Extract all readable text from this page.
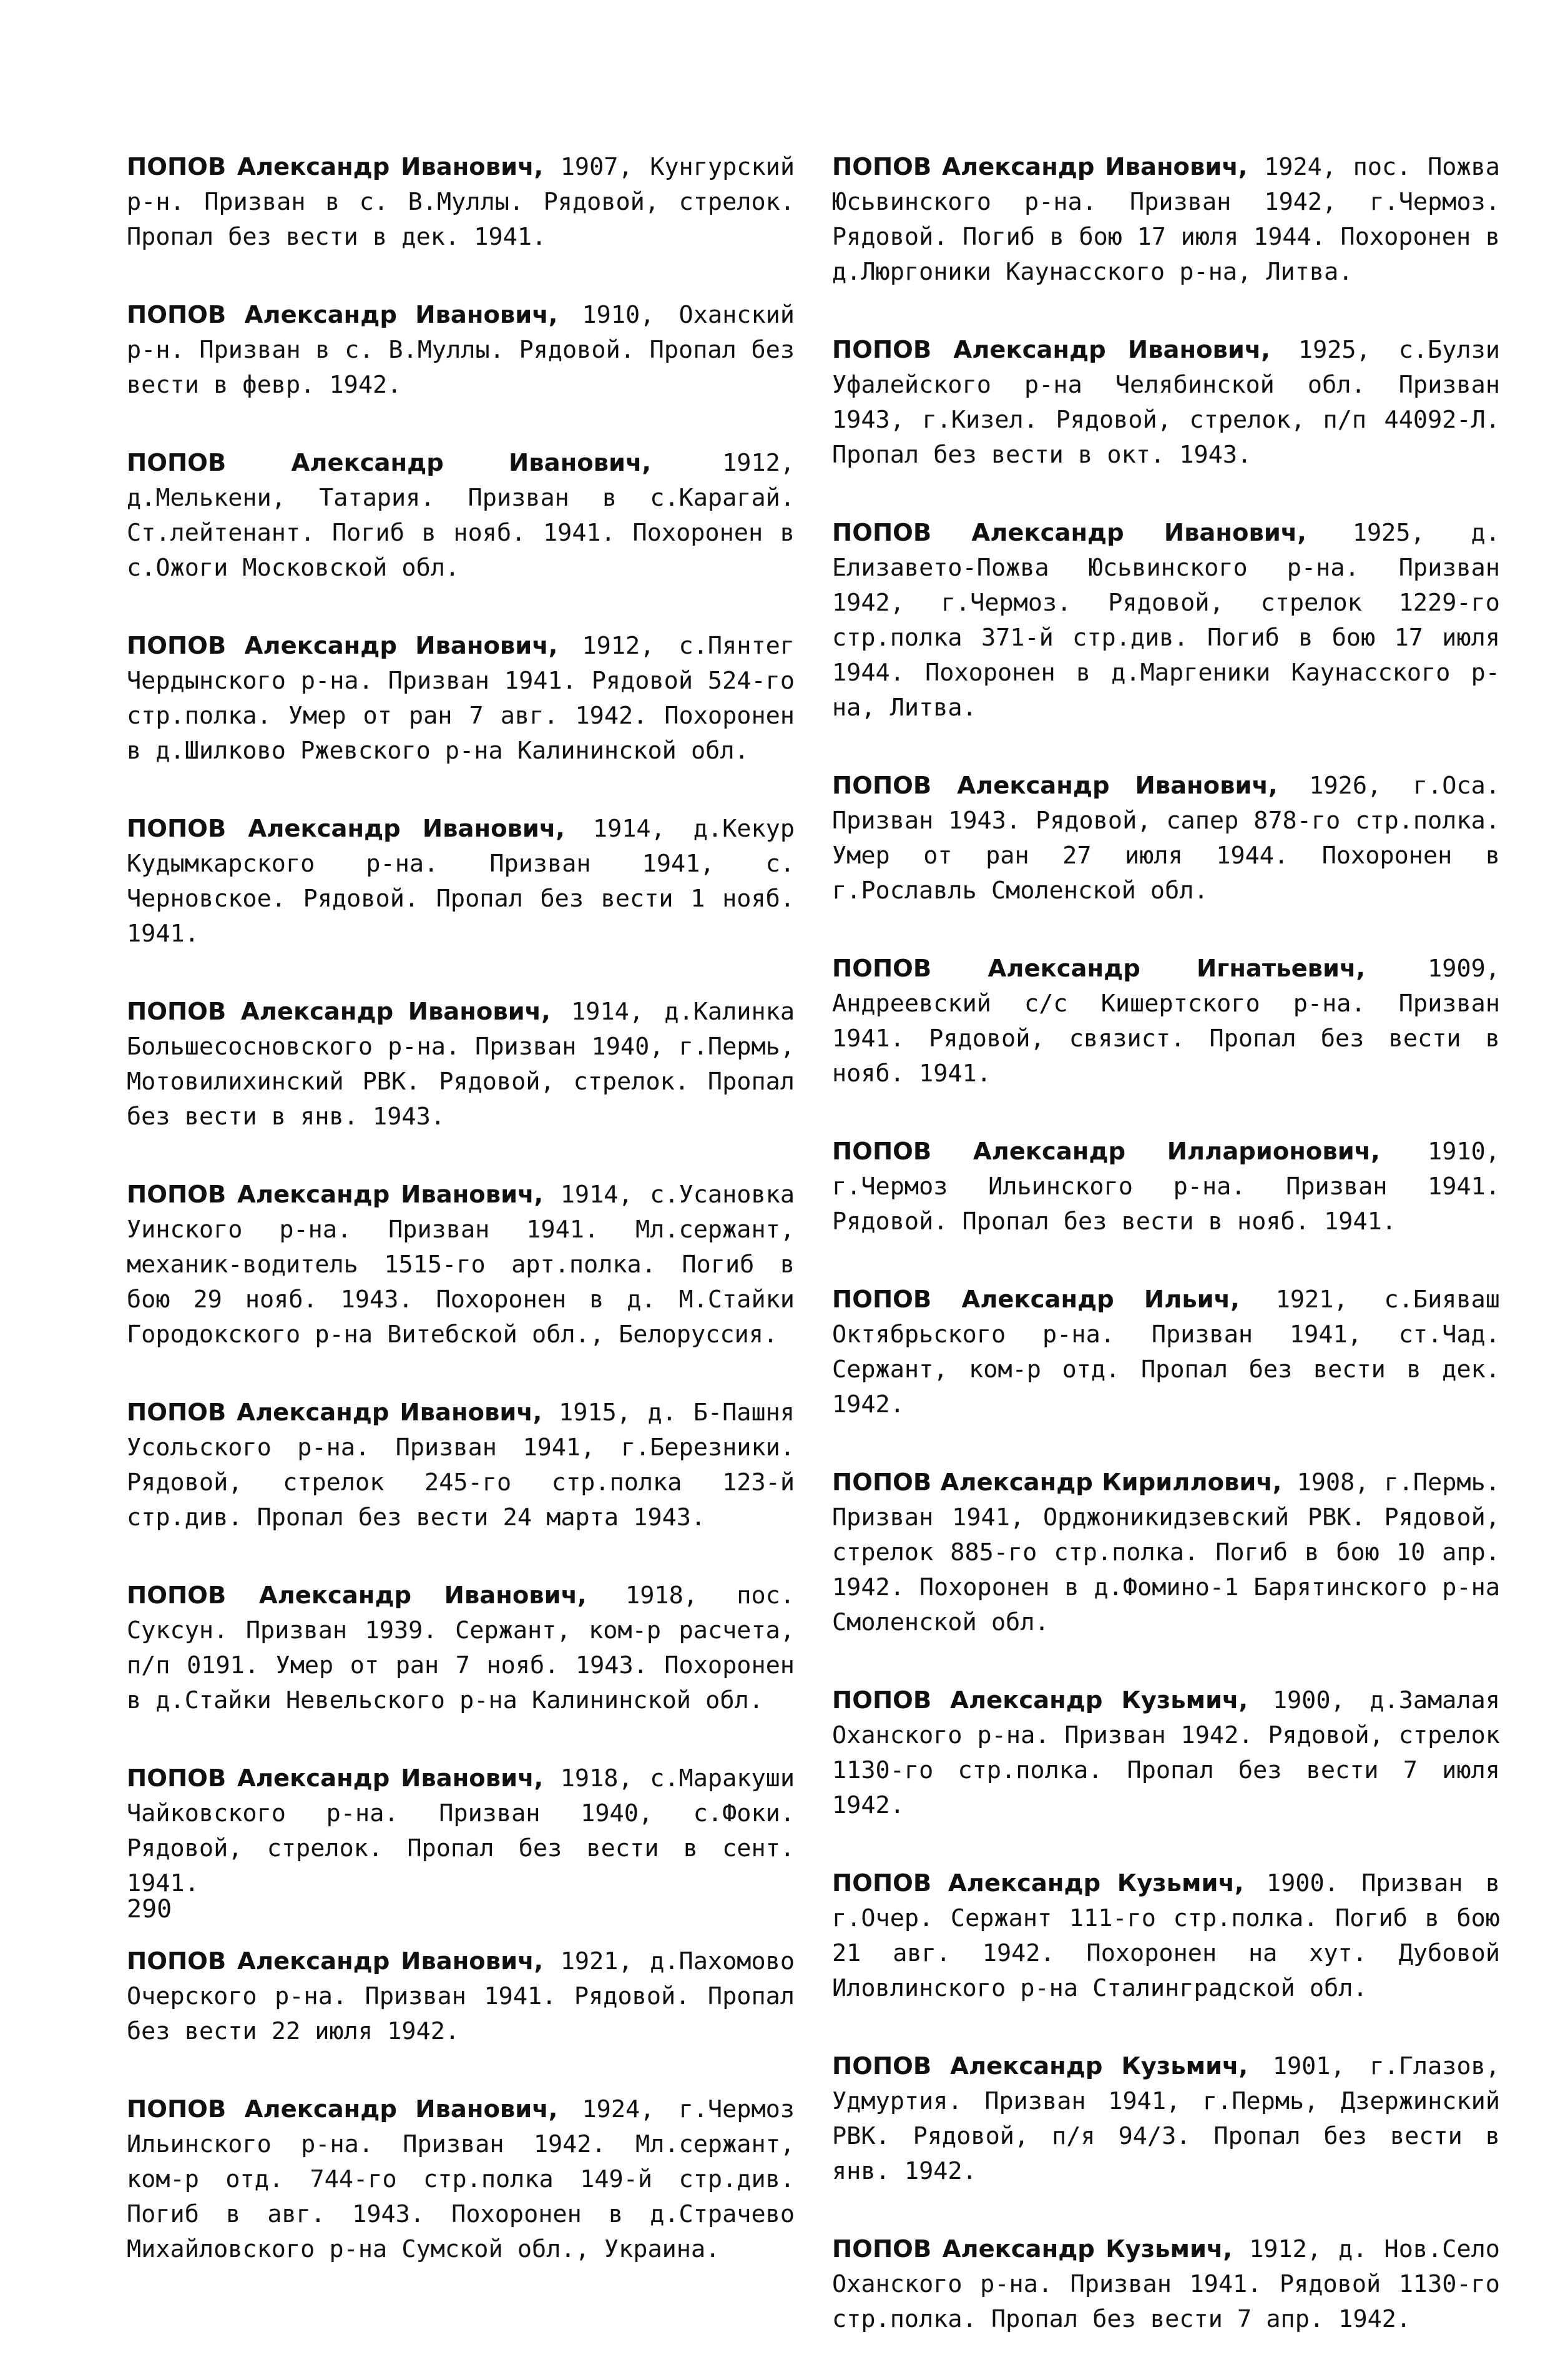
ПОПОВ Александр Иванович, 1907, Кунгурский р-н. Призван в с. В.Муллы. Рядовой, стрелок. Пропал без вести в дек. 1941.

ПОПОВ Александр Иванович, 1910, Оханский р-н. Призван в с. В.Муллы. Рядовой. Пропал без вести в февр. 1942.

ПОПОВ Александр Иванович,	1912, д.Мелькени, Татария. Призван в с.Карагай. Ст.лейтенант. Погиб в нояб. 1941. Похоронен в с.Ожоги Московской обл.

ПОПОВ Александр Иванович, 1912, с.Пянтег Чердынского р-на. Призван 1941. Рядовой 524-го стр.полка. Умер от ран 7 авг. 1942. Похоронен в д.Шилково Ржевского р-на Калининской обл.

ПОПОВ Александр Иванович, 1914, д.Кекур Кудымкарского р-на. Призван 1941, с. Черновское. Рядовой. Пропал без вести 1 нояб. 1941.

ПОПОВ Александр Иванович, 1914, д.Калинка Большесосновского р-на. Призван 1940, г.Пермь, Мотовилихинский РВК. Рядовой, стрелок. Пропал без вести в янв. 1943.

ПОПОВ Александр Иванович, 1914, с.Усановка Уинского р-на. Призван 1941. Мл.сержант, механик-водитель 1515-го арт.полка. Погиб в бою 29 нояб. 1943. Похоронен в д. М.Стайки Городокского р-на Витебской обл., Белоруссия.

ПОПОВ Александр Иванович, 1915, д. Б-Пашня Усольского р-на. Призван 1941, г.Березники. Рядовой, стрелок 245-го стр.полка 123-й стр.див. Пропал без вести 24 марта 1943.

ПОПОВ Александр Иванович, 1918, пос. Суксун. Призван 1939. Сержант, ком-р расчета, п/п 0191. Умер от ран 7 нояб. 1943. Похоронен в д.Стайки Невельского р-на Калининской обл.

ПОПОВ Александр Иванович, 1918, с.Маракуши Чайковского р-на. Призван 1940, с.Фоки. Рядовой, стрелок. Пропал без вести в сент. 1941.

ПОПОВ Александр Иванович, 1921, д.Пахомово Очерского р-на. Призван 1941. Рядовой. Пропал без вести 22 июля 1942.

ПОПОВ Александр Иванович, 1924, г.Чермоз Ильинского р-на. Призван 1942. Мл.сержант, ком-р отд. 744-го стр.полка 149-й стр.див. Погиб в авг. 1943. Похоронен в д.Страчево Михайловского р-на Сумской обл., Украина.

ПОПОВ Александр Иванович, 1924, пос. Пожва Юсьвинского р-на. Призван 1942, г.Чермоз. Рядовой. Погиб в бою 17 июля 1944. Похоронен в д.Люргоники Каунасского р-на, Литва.

ПОПОВ Александр Иванович, 1925, с.Булзи Уфалейского р-на Челябинской обл. Призван 1943, г.Кизел. Рядовой, стрелок, п/п 44092-Л. Пропал без вести в окт. 1943.

ПОПОВ Александр Иванович, 1925, д. Елизавето-Пожва Юсьвинского р-на. Призван 1942, г.Чермоз. Рядовой, стрелок 1229-го стр.полка 371-й стр.див. Погиб в бою 17 июля 1944. Похоронен в д.Маргеники Каунасского р-на, Литва.

ПОПОВ Александр Иванович, 1926, г.Оса. Призван 1943. Рядовой, сапер 878-го стр.полка. Умер от ран 27 июля 1944. Похоронен в г.Рославль Смоленской обл.

ПОПОВ Александр Игнатьевич,	1909, Андреевский с/с Кишертского р-на. Призван 1941. Рядовой, связист. Пропал без вести в нояб. 1941.

ПОПОВ Александр Илларионович, 1910, г.Чермоз Ильинского р-на. Призван 1941. Рядовой. Пропал без вести в нояб. 1941.

ПОПОВ Александр Ильич, 1921, с.Бияваш Октябрьского р-на. Призван 1941, ст.Чад. Сержант, ком-р отд. Пропал без вести в дек. 1942.

ПОПОВ Александр Кириллович, 1908, г.Пермь. Призван 1941, Орджоникидзевский РВК. Рядовой, стрелок 885-го стр.полка. Погиб в бою 10 апр. 1942. Похоронен в д.Фомино-1 Барятинского р-на Смоленской обл.

ПОПОВ Александр Кузьмич, 1900, д.Замалая Оханского р-на. Призван 1942. Рядовой, стрелок 1130-го стр.полка. Пропал без вести 7 июля 1942.

ПОПОВ Александр Кузьмич, 1900. Призван в г.Очер. Сержант 111-го стр.полка. Погиб в бою 21 авг. 1942. Похоронен на хут. Дубовой Иловлинского р-на Сталинградской обл.

ПОПОВ Александр Кузьмич, 1901, г.Глазов, Удмуртия. Призван 1941, г.Пермь, Дзержинский РВК. Рядовой, п/я 94/3. Пропал без вести в янв. 1942.

ПОПОВ Александр Кузьмич, 1912, д. Нов.Село Оханского р-на. Призван 1941. Рядовой 1130-го стр.полка. Пропал без вести 7 апр. 1942.

290
